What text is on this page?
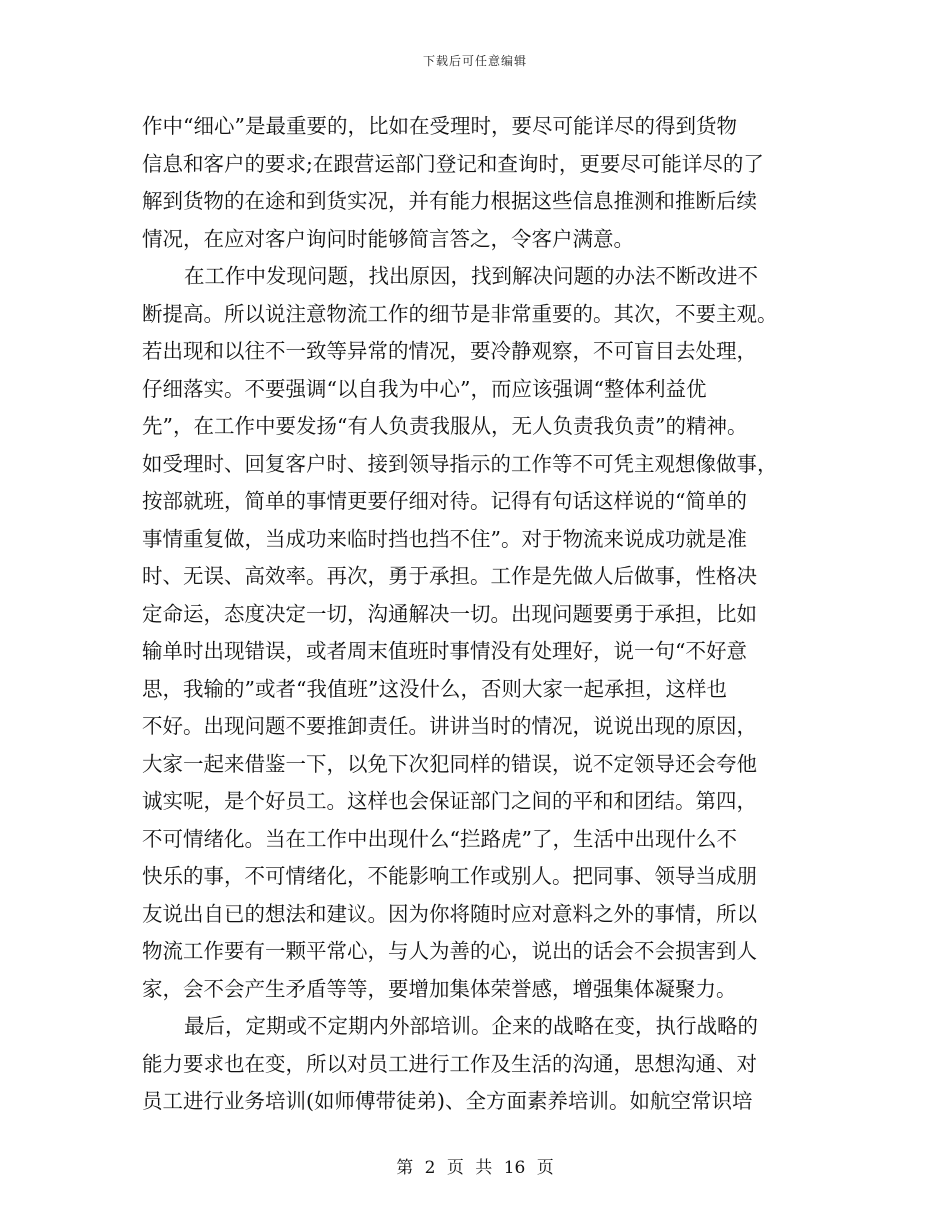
下载后可任意编辑
作中“细心”是最重要的，比如在受理时，要尽可能详尽的得到货物
信息和客户的要求;在跟营运部门登记和查询时，更要尽可能详尽的了
解到货物的在途和到货实况，并有能力根据这些信息推测和推断后续
情况，在应对客户询问时能够简言答之，令客户满意。
在工作中发现问题，找出原因，找到解决问题的办法不断改进不
断提高。所以说注意物流工作的细节是非常重要的。其次，不要主观。
若出现和以往不一致等异常的情况，要冷静观察，不可盲目去处理，
仔细落实。不要强调“以自我为中心”，而应该强调“整体利益优
先”，在工作中要发扬“有人负责我服从，无人负责我负责”的精神。
如受理时、回复客户时、接到领导指示的工作等不可凭主观想像做事，
按部就班，简单的事情更要仔细对待。记得有句话这样说的“简单的
事情重复做，当成功来临时挡也挡不住”。对于物流来说成功就是准
时、无误、高效率。再次，勇于承担。工作是先做人后做事，性格决
定命运，态度决定一切，沟通解决一切。出现问题要勇于承担，比如
输单时出现错误，或者周末值班时事情没有处理好，说一句“不好意
思，我输的”或者“我值班”这没什么，否则大家一起承担，这样也
不好。出现问题不要推卸责任。讲讲当时的情况，说说出现的原因，
大家一起来借鉴一下，以免下次犯同样的错误，说不定领导还会夸他
诚实呢，是个好员工。这样也会保证部门之间的平和和团结。第四，
不可情绪化。当在工作中出现什么“拦路虎”了，生活中出现什么不
快乐的事，不可情绪化，不能影响工作或别人。把同事、领导当成朋
友说出自已的想法和建议。因为你将随时应对意料之外的事情，所以
物流工作要有一颗平常心，与人为善的心，说出的话会不会损害到人
家，会不会产生矛盾等等，要增加集体荣誉感，增强集体凝聚力。
最后，定期或不定期内外部培训。企来的战略在变，执行战略的
能力要求也在变，所以对员工进行工作及生活的沟通，思想沟通、对
员工进行业务培训(如师傅带徒弟)、全方面素养培训。如航空常识培
第 2 页 共 16 页
